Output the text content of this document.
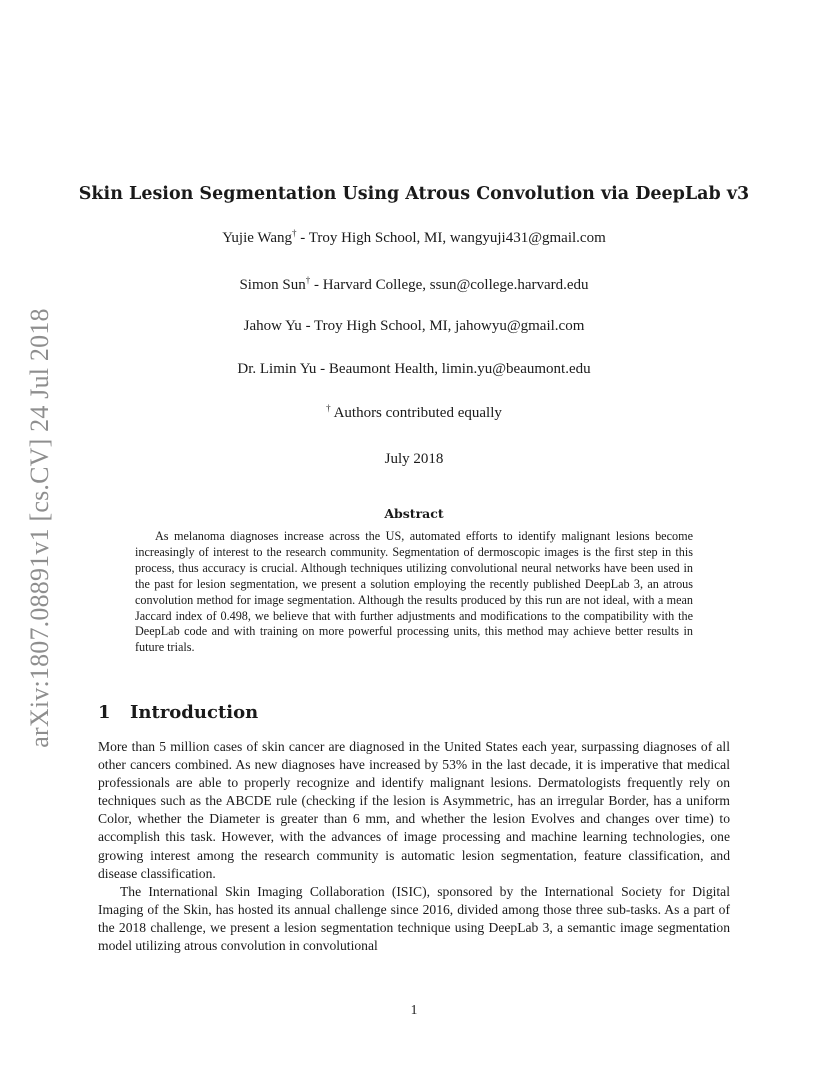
arXiv:1807.08891v1 [cs.CV] 24 Jul 2018
Skin Lesion Segmentation Using Atrous Convolution via DeepLab v3
Yujie Wang† - Troy High School, MI, wangyuji431@gmail.com
Simon Sun† - Harvard College, ssun@college.harvard.edu
Jahow Yu - Troy High School, MI, jahowyu@gmail.com
Dr. Limin Yu - Beaumont Health, limin.yu@beaumont.edu
† Authors contributed equally
July 2018
Abstract

As melanoma diagnoses increase across the US, automated efforts to identify malignant lesions become increasingly of interest to the research community. Segmentation of dermoscopic images is the first step in this process, thus accuracy is crucial. Although techniques utilizing convolutional neural networks have been used in the past for lesion segmentation, we present a solution employing the recently published DeepLab 3, an atrous convolution method for image segmentation. Although the results produced by this run are not ideal, with a mean Jaccard index of 0.498, we believe that with further adjustments and modifications to the compatibility with the DeepLab code and with training on more powerful processing units, this method may achieve better results in future trials.

1 Introduction

More than 5 million cases of skin cancer are diagnosed in the United States each year, surpassing diagnoses of all other cancers combined. As new diagnoses have increased by 53% in the last decade, it is imperative that medical professionals are able to properly recognize and identify malignant lesions. Dermatologists frequently rely on techniques such as the ABCDE rule (checking if the lesion is Asymmetric, has an irregular Border, has a uniform Color, whether the Diameter is greater than 6 mm, and whether the lesion Evolves and changes over time) to accomplish this task. However, with the advances of image processing and machine learning technologies, one growing interest among the research community is automatic lesion segmentation, feature classification, and disease classification.

The International Skin Imaging Collaboration (ISIC), sponsored by the International Society for Digital Imaging of the Skin, has hosted its annual challenge since 2016, divided among those three sub-tasks. As a part of the 2018 challenge, we present a lesion segmentation technique using DeepLab 3, a semantic image segmentation model utilizing atrous convolution in convolutional

1
